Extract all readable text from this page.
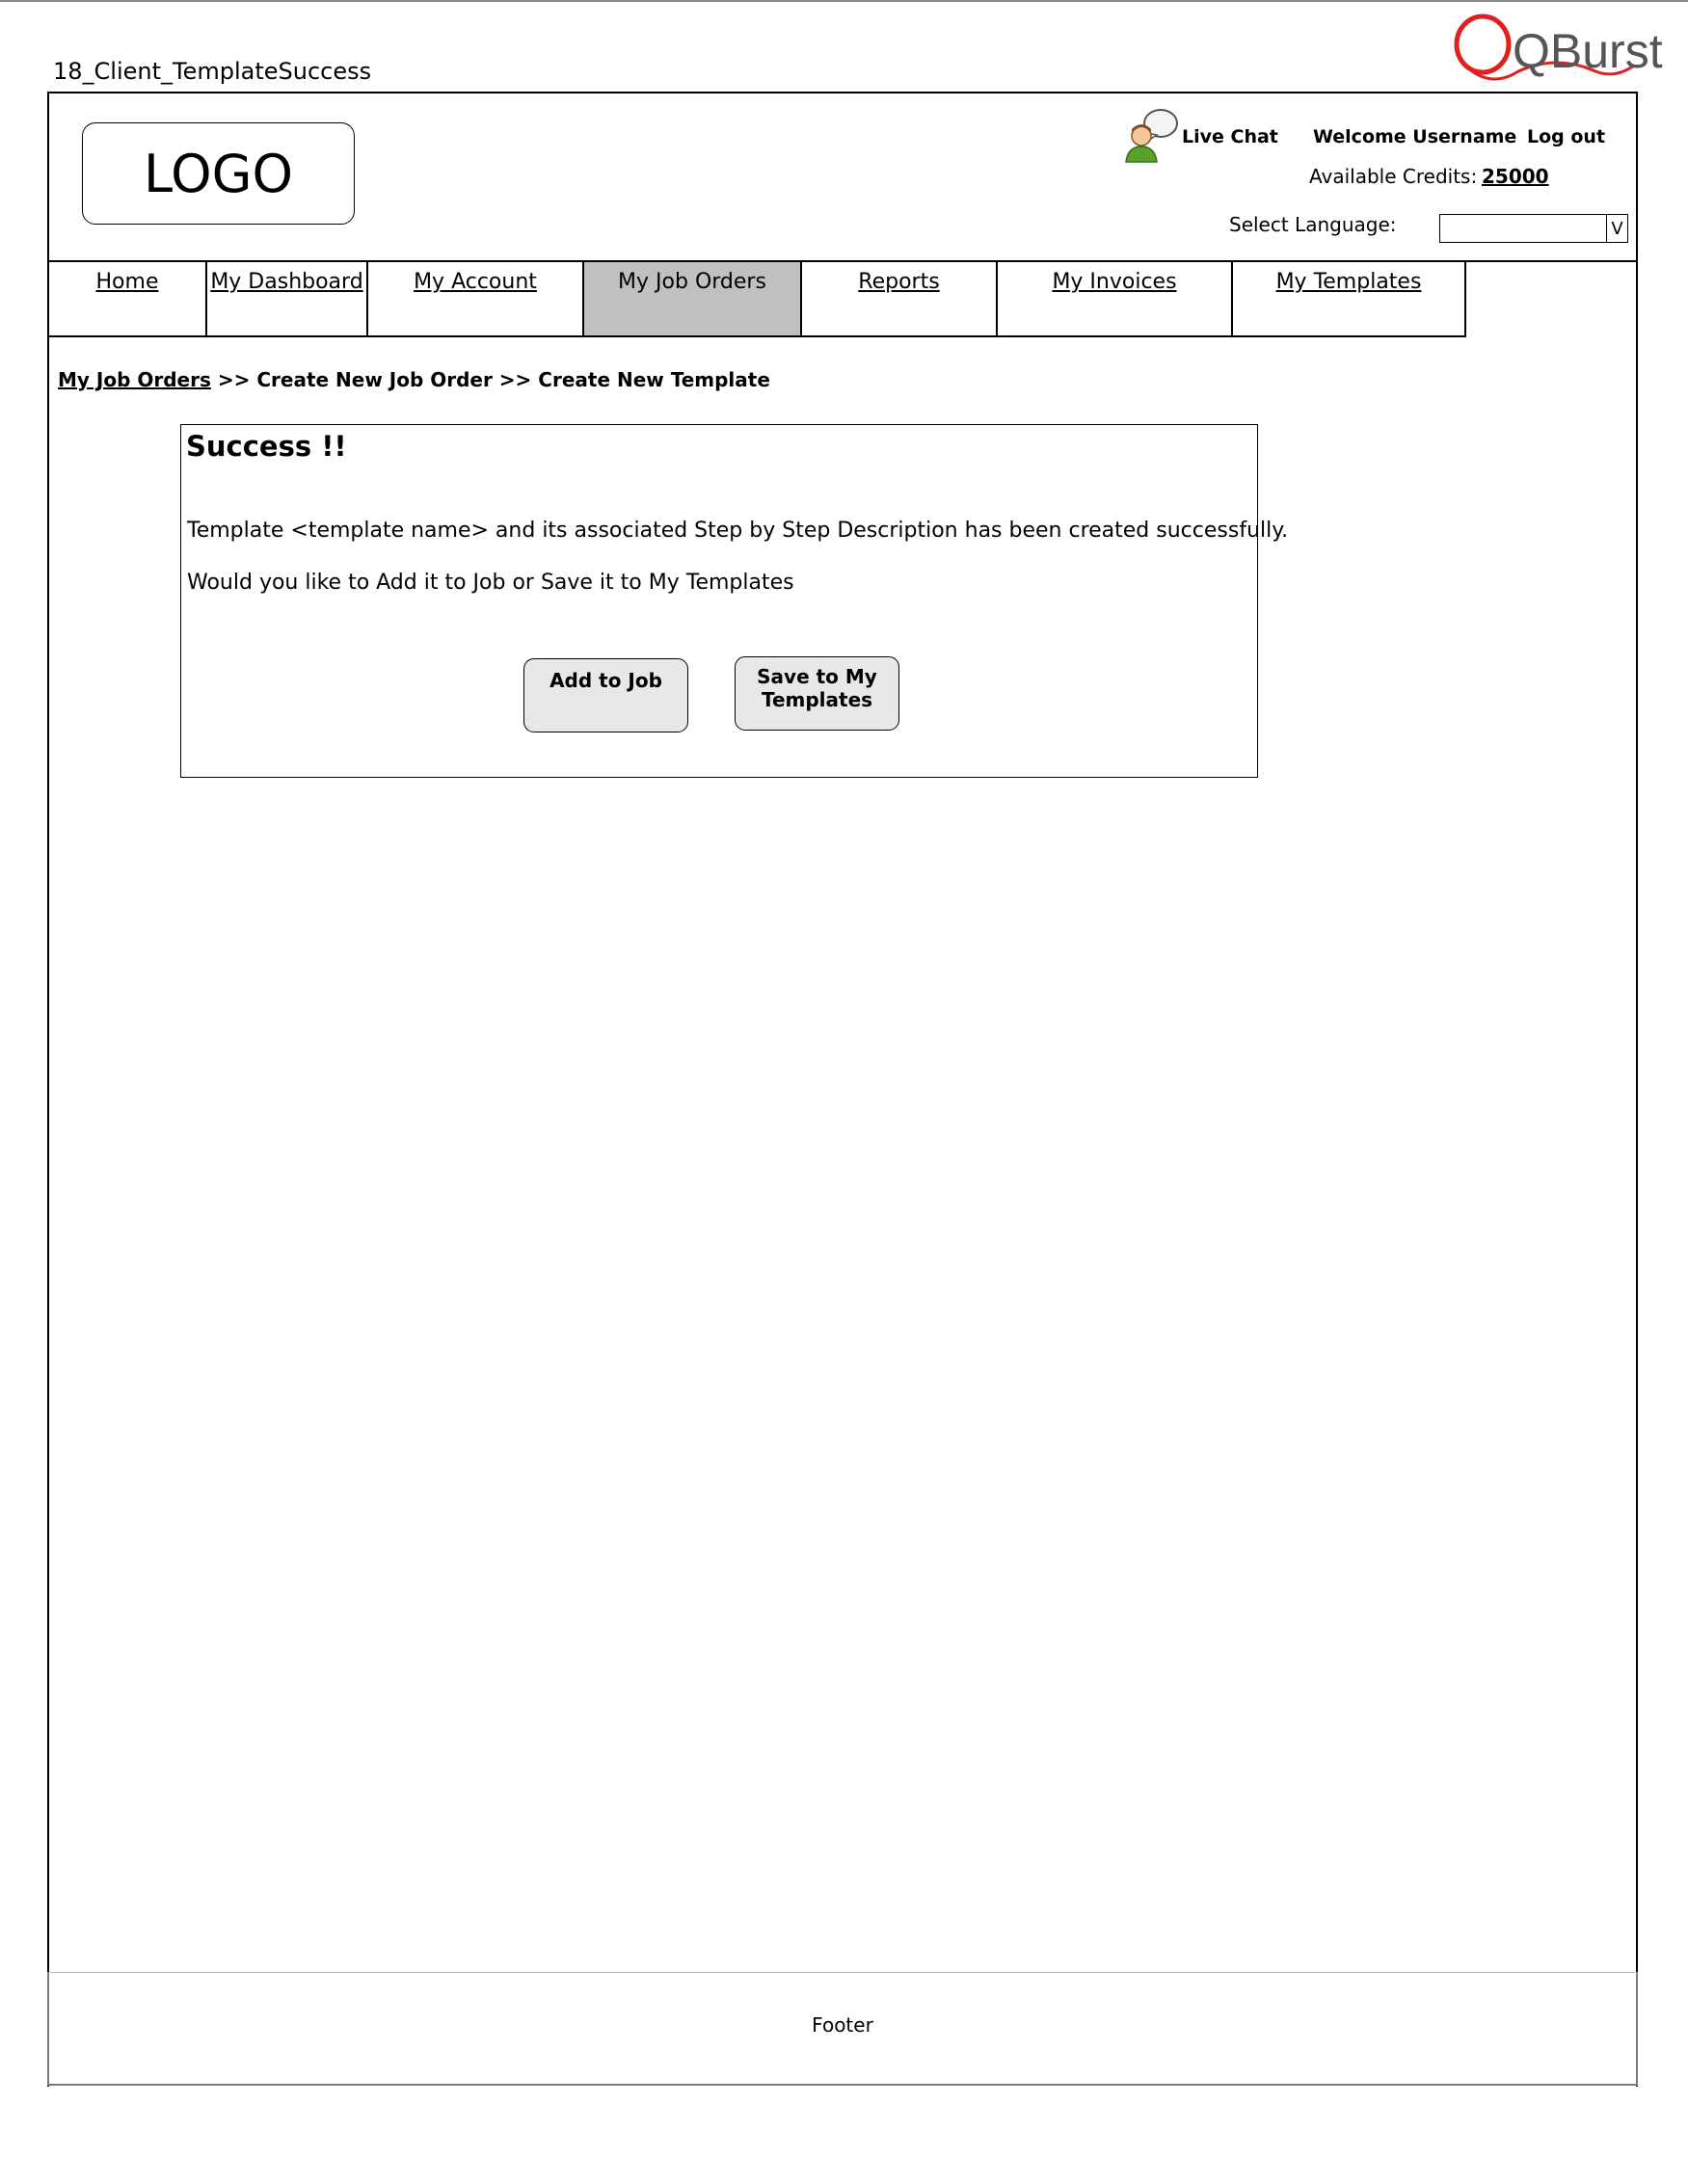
18_Client_TemplateSuccess	QBurst
LOGO
Live Chat Welcome Username Log out
Available Credits: 25000
Select Language:	V
Home	My Dashboard	My Account	My Job Orders	Reports	My Invoices	My Templates
My Job Orders >> Create New Job Order >> Create New Template
Success !!
Template <template name> and its associated Step by Step Description has been created successfully.
Would you like to Add it to Job or Save it to My Templates
Add to Job	Save to My
Templates
Footer
